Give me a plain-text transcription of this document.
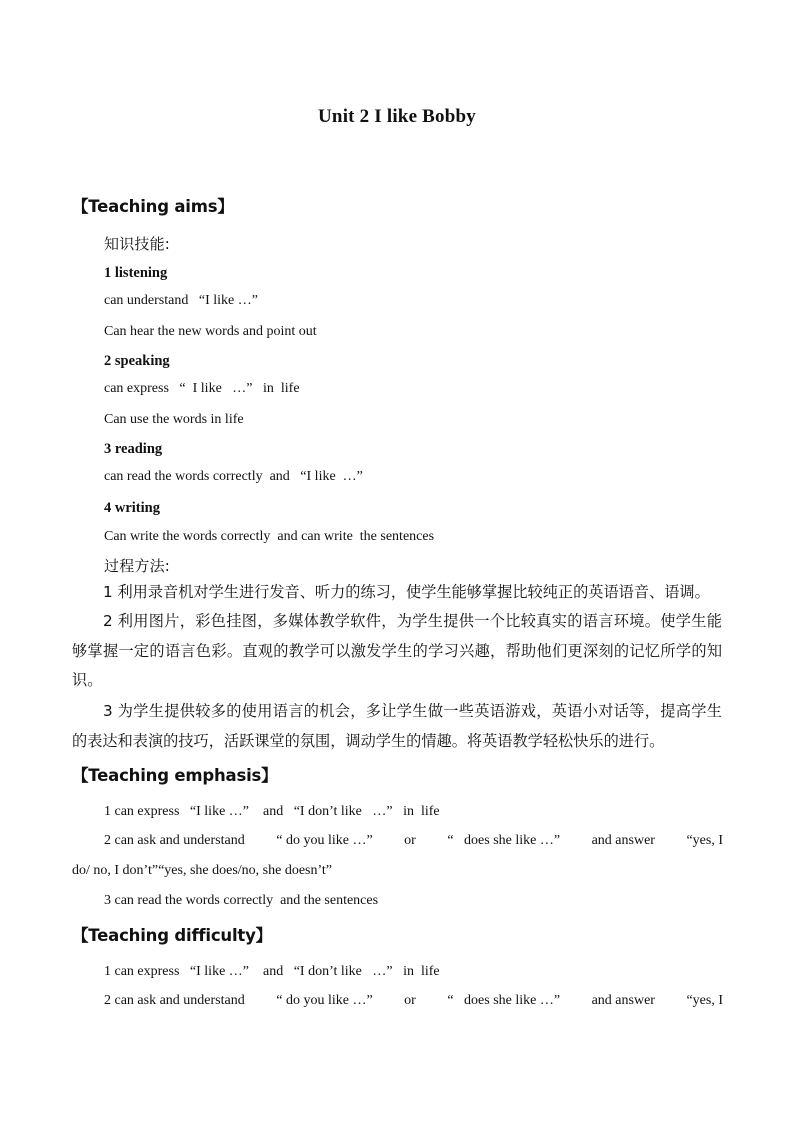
Unit 2 I like Bobby
【Teaching aims】
知识技能:
1 listening
can understand   “I like …”
Can hear the new words and point out
2 speaking
can express   “  I like   …”   in  life
Can use the words in life
3 reading
can read the words correctly  and   “I like  …”
4 writing
Can write the words correctly  and can write  the sentences
过程方法:
1 利用录音机对学生进行发音、听力的练习，使学生能够掌握比较纯正的英语语音、语调。
2 利用图片，彩色挂图，多媒体教学软件，为学生提供一个比较真实的语言环境。使学生能够掌握一定的语言色彩。直观的教学可以激发学生的学习兴趣，帮助他们更深刻的记忆所学的知识。
3 为学生提供较多的使用语言的机会，多让学生做一些英语游戏，英语小对话等，提高学生的表达和表演的技巧，活跃课堂的氛围，调动学生的情趣。将英语教学轻松快乐的进行。
【Teaching emphasis】
1 can express   “I like …”    and   “I don’t like   …”   in  life
2 can ask and understand “ do you like …” or “   does she like …” and answer “yes, I
do/ no, I don’t”“yes, she does/no, she doesn’t”
3 can read the words correctly  and the sentences
【Teaching difficulty】
1 can express   “I like …”    and   “I don’t like   …”   in  life
2 can ask and understand “ do you like …” or “   does she like …” and answer “yes, I
